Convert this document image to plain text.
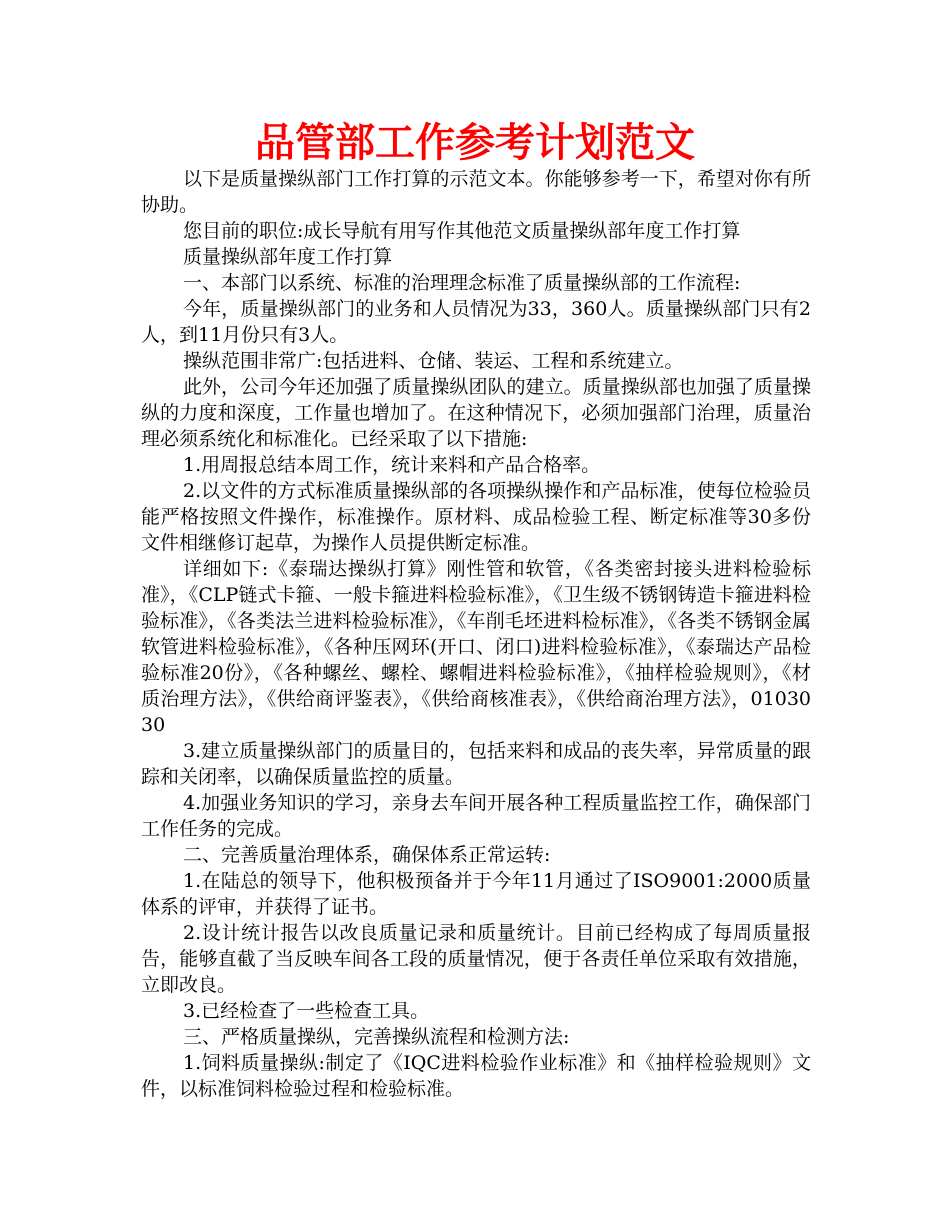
品管部工作参考计划范文

以下是质量操纵部门工作打算的示范文本。你能够参考一下，希望对你有所协助。

您目前的职位:成长导航有用写作其他范文质量操纵部年度工作打算

质量操纵部年度工作打算

一、本部门以系统、标准的治理理念标准了质量操纵部的工作流程:

今年，质量操纵部门的业务和人员情况为33，360人。质量操纵部门只有2人，到11月份只有3人。

操纵范围非常广:包括进料、仓储、装运、工程和系统建立。

此外，公司今年还加强了质量操纵团队的建立。质量操纵部也加强了质量操纵的力度和深度，工作量也增加了。在这种情况下，必须加强部门治理，质量治理必须系统化和标准化。已经采取了以下措施:

1.用周报总结本周工作，统计来料和产品合格率。

2.以文件的方式标准质量操纵部的各项操纵操作和产品标准，使每位检验员能严格按照文件操作，标准操作。原材料、成品检验工程、断定标准等30多份文件相继修订起草，为操作人员提供断定标准。

详细如下:《泰瑞达操纵打算》刚性管和软管，《各类密封接头进料检验标准》，《CLP链式卡箍、一般卡箍进料检验标准》，《卫生级不锈钢铸造卡箍进料检验标准》，《各类法兰进料检验标准》，《车削毛坯进料检标准》，《各类不锈钢金属软管进料检验标准》，《各种压网环(开口、闭口)进料检验标准》，《泰瑞达产品检验标准20份》，《各种螺丝、螺栓、螺帽进料检验标准》，《抽样检验规则》，《材质治理方法》，《供给商评鉴表》，《供给商核准表》，《供给商治理方法》，0103030

3.建立质量操纵部门的质量目的，包括来料和成品的丧失率，异常质量的跟踪和关闭率，以确保质量监控的质量。

4.加强业务知识的学习，亲身去车间开展各种工程质量监控工作，确保部门工作任务的完成。

二、完善质量治理体系，确保体系正常运转:

1.在陆总的领导下，他积极预备并于今年11月通过了ISO9001:2000质量体系的评审，并获得了证书。

2.设计统计报告以改良质量记录和质量统计。目前已经构成了每周质量报告，能够直截了当反映车间各工段的质量情况，便于各责任单位采取有效措施，立即改良。

3.已经检查了一些检查工具。

三、严格质量操纵，完善操纵流程和检测方法:

1.饲料质量操纵:制定了《IQC进料检验作业标准》和《抽样检验规则》文件，以标准饲料检验过程和检验标准。
